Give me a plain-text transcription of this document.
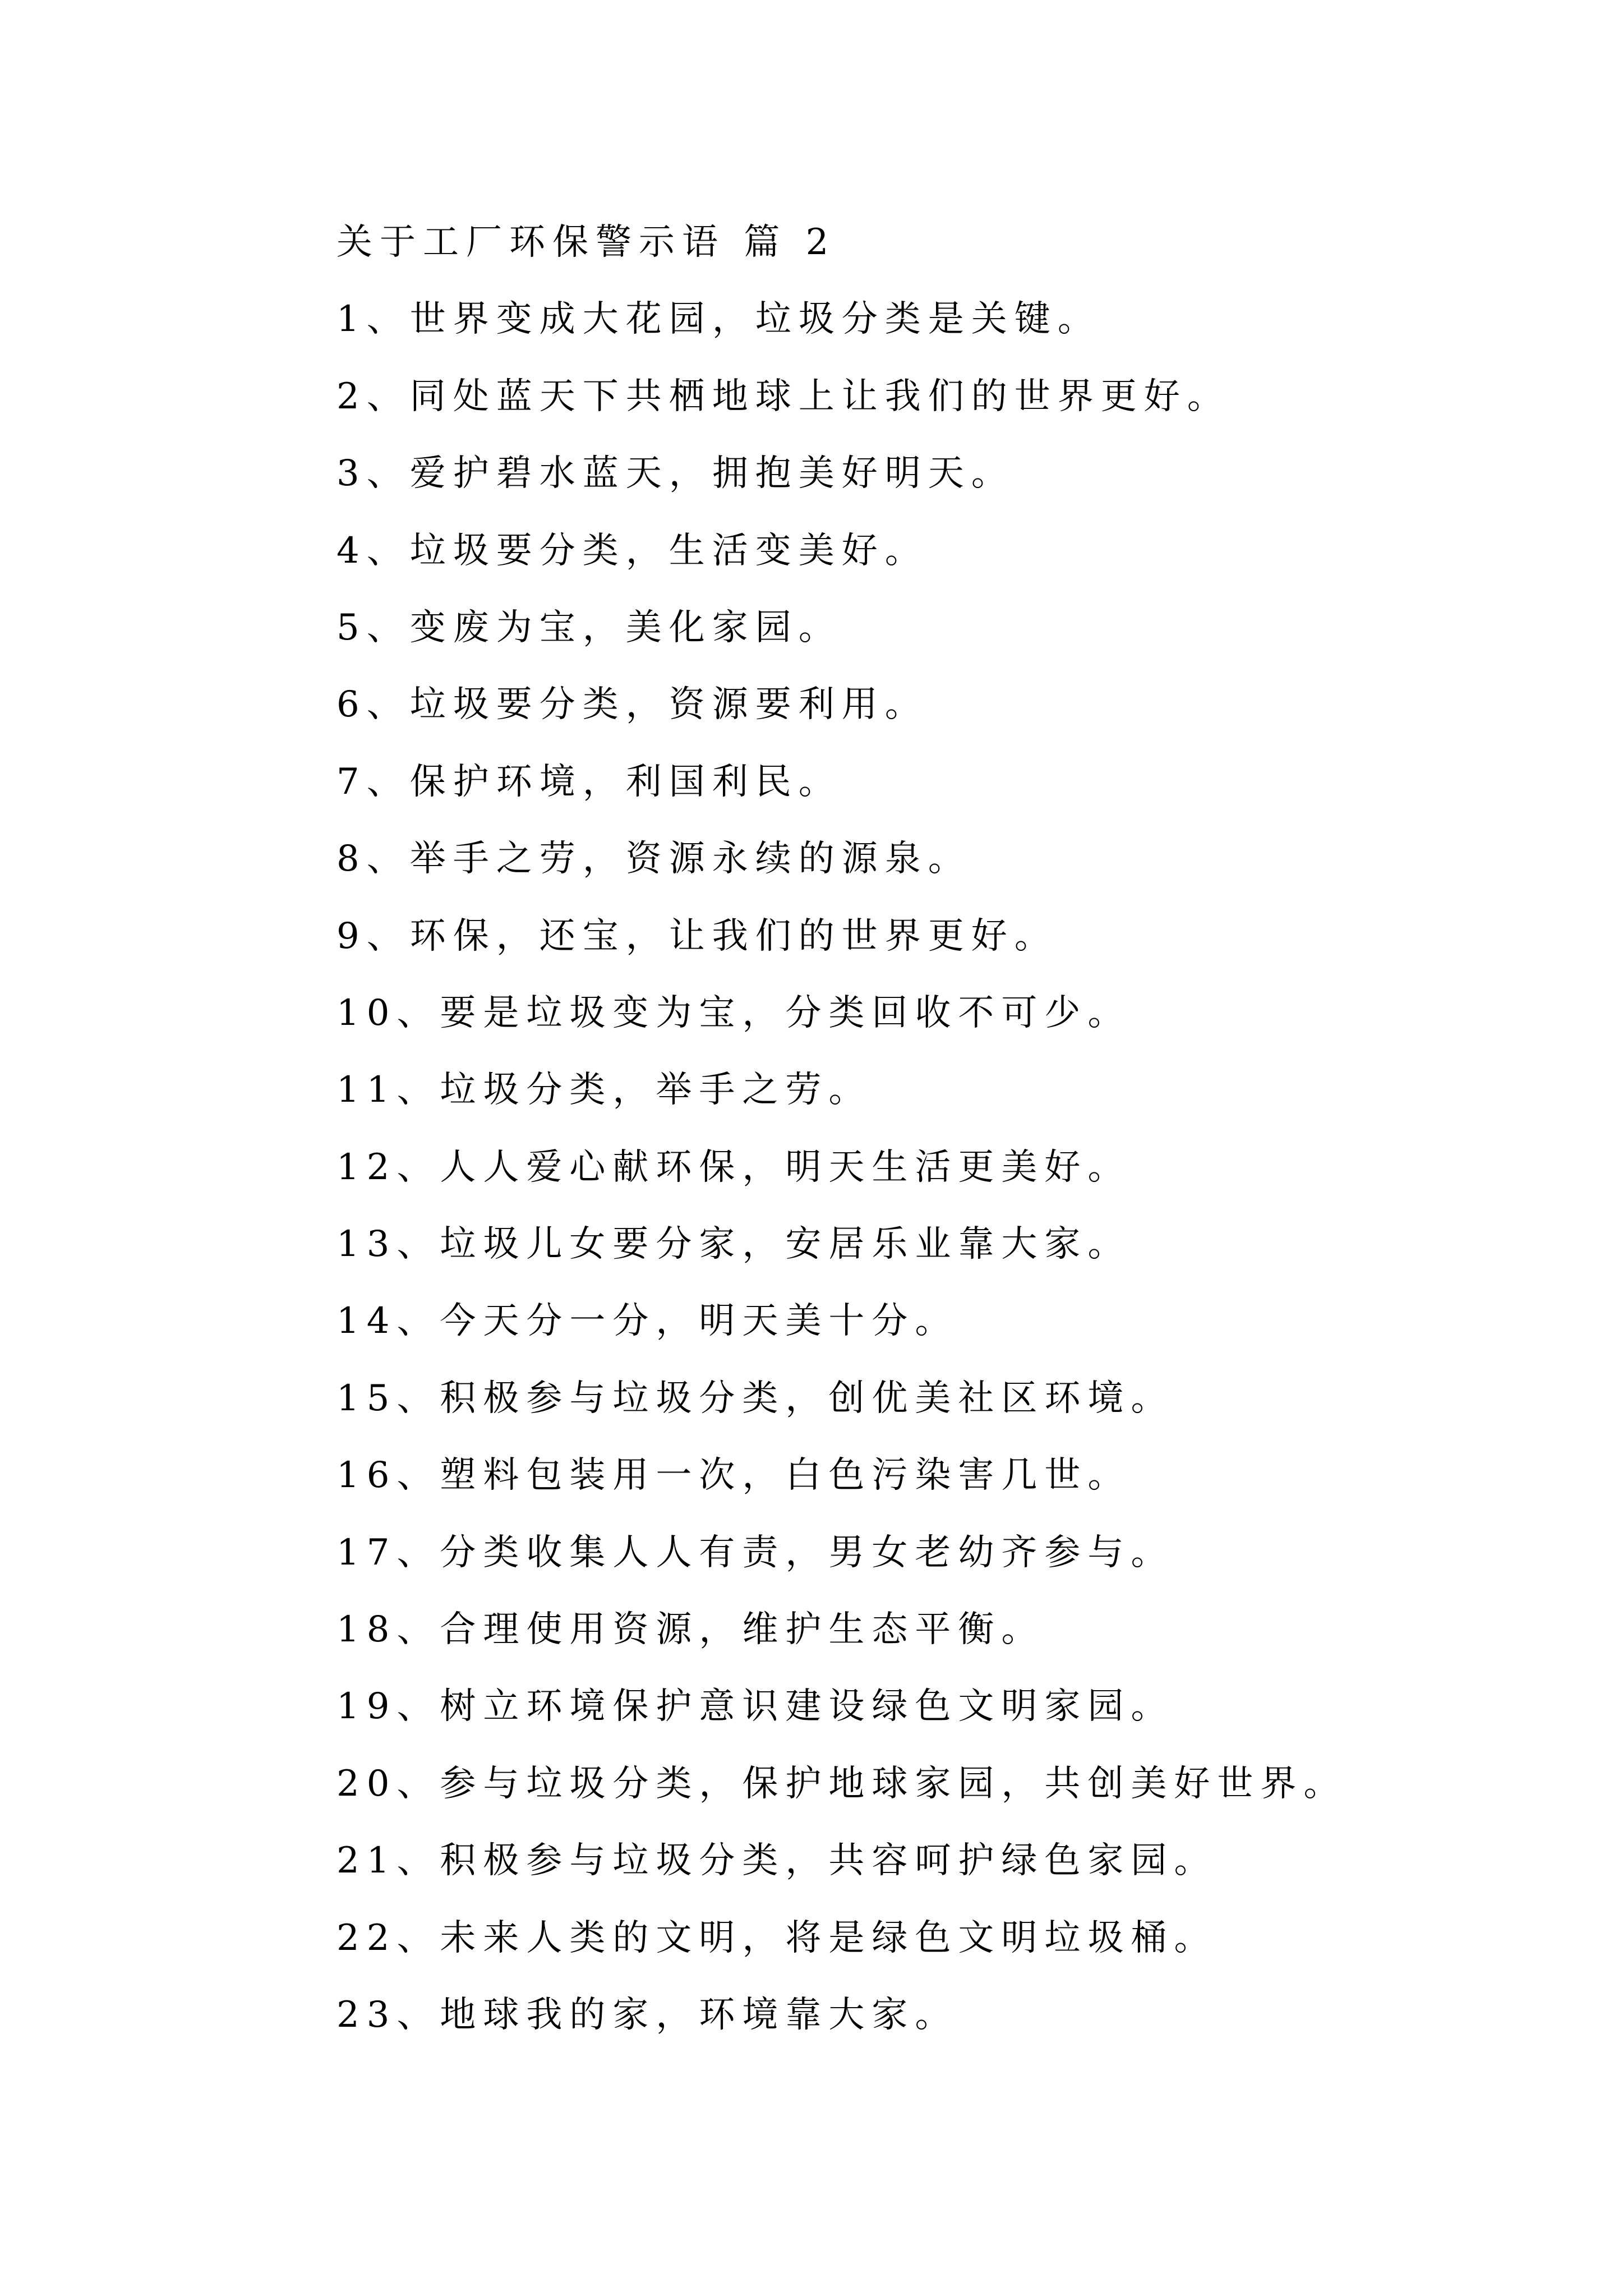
关于工厂环保警示语 篇 2
1、世界变成大花园，垃圾分类是关键。
2、同处蓝天下共栖地球上让我们的世界更好。
3、爱护碧水蓝天，拥抱美好明天。
4、垃圾要分类，生活变美好。
5、变废为宝，美化家园。
6、垃圾要分类，资源要利用。
7、保护环境，利国利民。
8、举手之劳，资源永续的源泉。
9、环保，还宝，让我们的世界更好。
10、要是垃圾变为宝，分类回收不可少。
11、垃圾分类，举手之劳。
12、人人爱心献环保，明天生活更美好。
13、垃圾儿女要分家，安居乐业靠大家。
14、今天分一分，明天美十分。
15、积极参与垃圾分类，创优美社区环境。
16、塑料包装用一次，白色污染害几世。
17、分类收集人人有责，男女老幼齐参与。
18、合理使用资源，维护生态平衡。
19、树立环境保护意识建设绿色文明家园。
20、参与垃圾分类，保护地球家园，共创美好世界。
21、积极参与垃圾分类，共容呵护绿色家园。
22、未来人类的文明，将是绿色文明垃圾桶。
23、地球我的家，环境靠大家。
